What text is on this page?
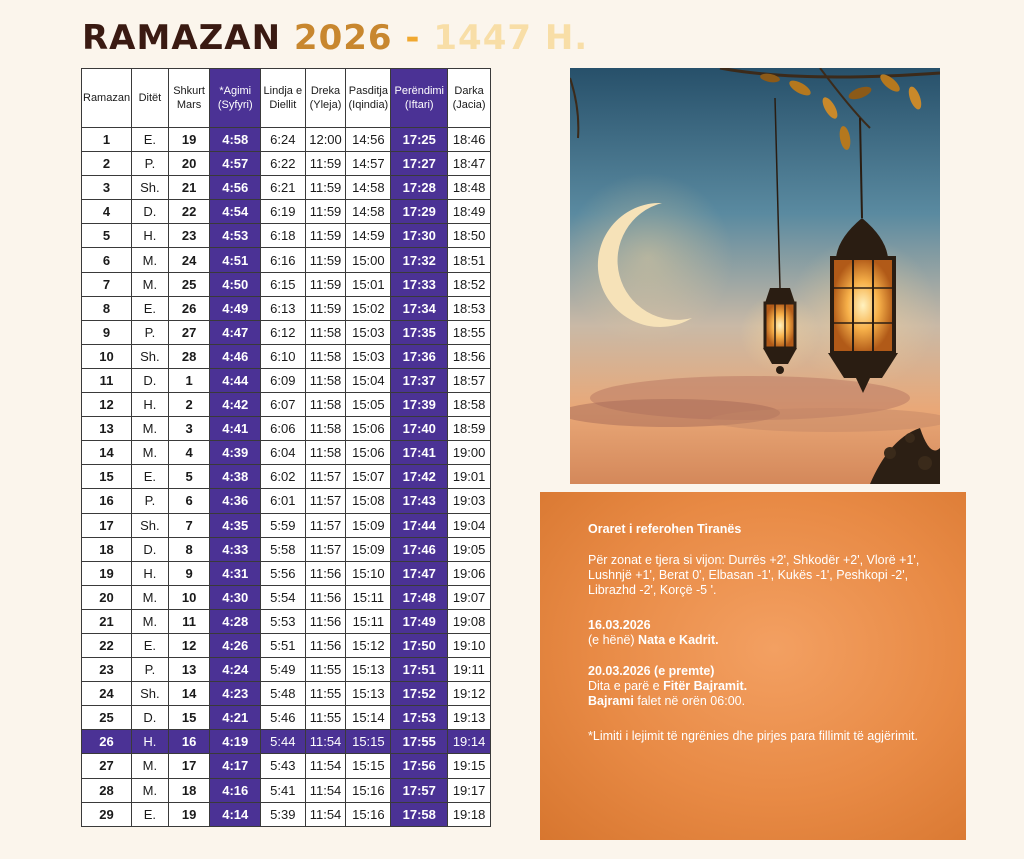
RAMAZAN 2026 - 1447 H.
Ramazan	Ditët	Shkurt Mars	*Agimi (Syfyri)	Lindja e Diellit	Dreka (Yleja)	Pasditja (Iqindia)	Perëndimi (Iftari)	Darka (Jacia)
1	E.	19	4:58	6:24	12:00	14:56	17:25	18:46
2	P.	20	4:57	6:22	11:59	14:57	17:27	18:47
3	Sh.	21	4:56	6:21	11:59	14:58	17:28	18:48
4	D.	22	4:54	6:19	11:59	14:58	17:29	18:49
5	H.	23	4:53	6:18	11:59	14:59	17:30	18:50
6	M.	24	4:51	6:16	11:59	15:00	17:32	18:51
7	M.	25	4:50	6:15	11:59	15:01	17:33	18:52
8	E.	26	4:49	6:13	11:59	15:02	17:34	18:53
9	P.	27	4:47	6:12	11:58	15:03	17:35	18:55
10	Sh.	28	4:46	6:10	11:58	15:03	17:36	18:56
11	D.	1	4:44	6:09	11:58	15:04	17:37	18:57
12	H.	2	4:42	6:07	11:58	15:05	17:39	18:58
13	M.	3	4:41	6:06	11:58	15:06	17:40	18:59
14	M.	4	4:39	6:04	11:58	15:06	17:41	19:00
15	E.	5	4:38	6:02	11:57	15:07	17:42	19:01
16	P.	6	4:36	6:01	11:57	15:08	17:43	19:03
17	Sh.	7	4:35	5:59	11:57	15:09	17:44	19:04
18	D.	8	4:33	5:58	11:57	15:09	17:46	19:05
19	H.	9	4:31	5:56	11:56	15:10	17:47	19:06
20	M.	10	4:30	5:54	11:56	15:11	17:48	19:07
21	M.	11	4:28	5:53	11:56	15:11	17:49	19:08
22	E.	12	4:26	5:51	11:56	15:12	17:50	19:10
23	P.	13	4:24	5:49	11:55	15:13	17:51	19:11
24	Sh.	14	4:23	5:48	11:55	15:13	17:52	19:12
25	D.	15	4:21	5:46	11:55	15:14	17:53	19:13
26	H.	16	4:19	5:44	11:54	15:15	17:55	19:14
27	M.	17	4:17	5:43	11:54	15:15	17:56	19:15
28	M.	18	4:16	5:41	11:54	15:16	17:57	19:17
29	E.	19	4:14	5:39	11:54	15:16	17:58	19:18

Oraret i referohen Tiranës

Për zonat e tjera si vijon: Durrës +2', Shkodër +2', Vlorë +1', Lushnjë +1', Berat 0', Elbasan -1', Kukës -1', Peshkopi -2', Librazhd -2', Korçë -5 '.

16.03.2026
(e hënë) Nata e Kadrit.

20.03.2026 (e premte)
Dita e parë e Fitër Bajramit.
Bajrami falet në orën 06:00.

*Limiti i lejimit të ngrënies dhe pirjes para fillimit të agjërimit.
